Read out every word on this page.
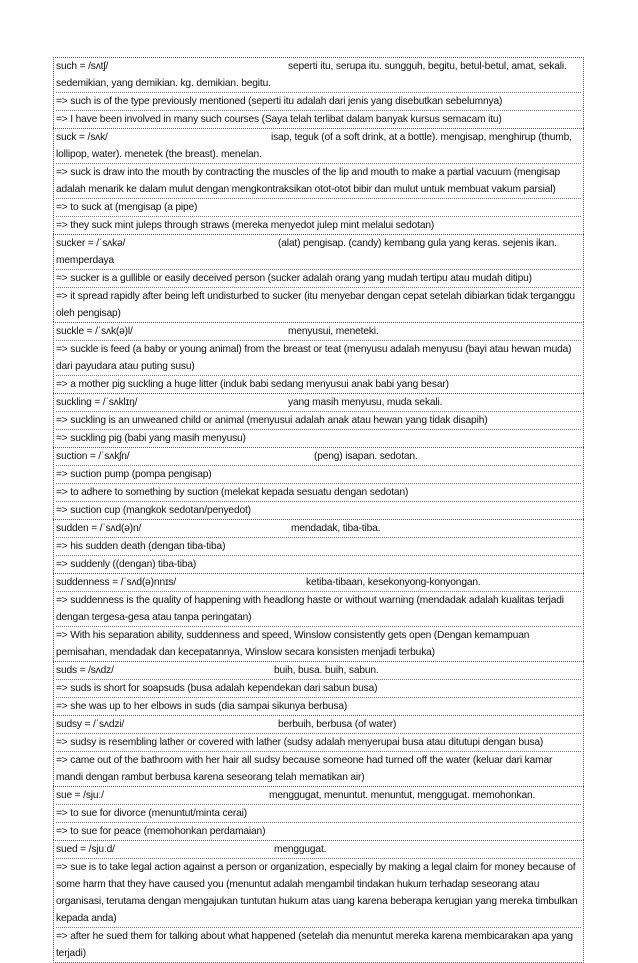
such = /sʌtʃ/	seperti itu, serupa itu. sungguh, begitu, betul-betul, amat, sekali. sedemikian, yang demikian. kg. demikian. begitu.

=> such is of the type previously mentioned (seperti itu adalah dari jenis yang disebutkan sebelumnya)

=> I have been involved in many such courses (Saya telah terlibat dalam banyak kursus semacam itu)

suck = /sʌk/	isap, teguk (of a soft drink, at a bottle). mengisap, menghirup (thumb, lollipop, water). menetek (the breast). menelan.

=> suck is draw into the mouth by contracting the muscles of the lip and mouth to make a partial vacuum (mengisap adalah menarik ke dalam mulut dengan mengkontraksikan otot-otot bibir dan mulut untuk membuat vakum parsial)

=> to suck at (mengisap (a pipe)

=> they suck mint juleps through straws (mereka menyedot julep mint melalui sedotan)

sucker = /ˈsʌkə/	(alat) pengisap. (candy) kembang gula yang keras. sejenis ikan. memperdaya

=> sucker is a gullible or easily deceived person (sucker adalah orang yang mudah tertipu atau mudah ditipu)

=> it spread rapidly after being left undisturbed to sucker (itu menyebar dengan cepat setelah dibiarkan tidak terganggu oleh pengisap)

suckle = /ˈsʌk(ə)l/	menyusui, meneteki.

=> suckle is feed (a baby or young animal) from the breast or teat (menyusu adalah menyusu (bayi atau hewan muda) dari payudara atau puting susu)

=> a mother pig suckling a huge litter (induk babi sedang menyusui anak babi yang besar)

suckling = /ˈsʌklɪŋ/	yang masih menyusu, muda sekali.

=> suckling is an unweaned child or animal (menyusui adalah anak atau hewan yang tidak disapih)

=> suckling pig (babi yang masih menyusu)

suction = /ˈsʌkʃn/	(peng) isapan. sedotan.

=> suction pump (pompa pengisap)

=> to adhere to something by suction (melekat kepada sesuatu dengan sedotan)

=> suction cup (mangkok sedotan/penyedot)

sudden = /ˈsʌd(ə)n/	mendadak, tiba-tiba.

=> his sudden death (dengan tiba-tiba)

=> suddenly ((dengan) tiba-tiba)

suddenness = /ˈsʌd(ə)nnɪs/	ketiba-tibaan, kesekonyong-konyongan.

=> suddenness is the quality of happening with headlong haste or without warning (mendadak adalah kualitas terjadi dengan tergesa-gesa atau tanpa peringatan)

=> With his separation ability, suddenness and speed, Winslow consistently gets open (Dengan kemampuan pemisahan, mendadak dan kecepatannya, Winslow secara konsisten menjadi terbuka)

suds = /sʌdz/	buih, busa. buih, sabun.

=> suds is short for soapsuds (busa adalah kependekan dari sabun busa)

=> she was up to her elbows in suds (dia sampai sikunya berbusa)

sudsy = /ˈsʌdzi/	berbuih, berbusa (of water)

=> sudsy is resembling lather or covered with lather (sudsy adalah menyerupai busa atau ditutupi dengan busa)

=> came out of the bathroom with her hair all sudsy because someone had turned off the water (keluar dari kamar mandi dengan rambut berbusa karena seseorang telah mematikan air)

sue = /sjuː/	menggugat, menuntut. menuntut, menggugat. memohonkan.

=> to sue for divorce (menuntut/minta cerai)

=> to sue for peace (memohonkan perdamaian)

sued = /sjuːd/	menggugat.

=> sue is to take legal action against a person or organization, especially by making a legal claim for money because of some harm that they have caused you (menuntut adalah mengambil tindakan hukum terhadap seseorang atau organisasi, terutama dengan mengajukan tuntutan hukum atas uang karena beberapa kerugian yang mereka timbulkan kepada anda)

=> after he sued them for talking about what happened (setelah dia menuntut mereka karena membicarakan apa yang terjadi)
